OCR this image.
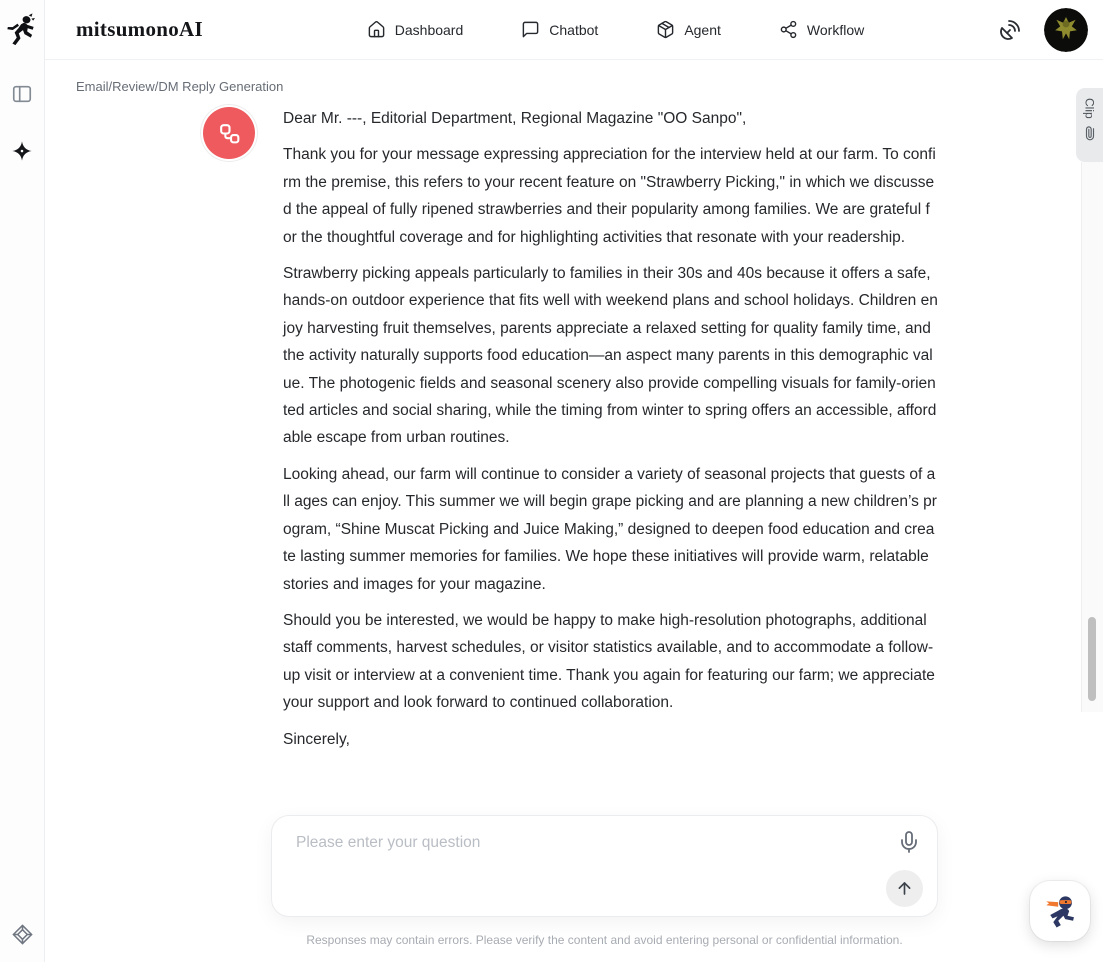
mitsumonoAI	Dashboard	Chatbot	Agent	Workflow
Email/Review/DM Reply Generation

Dear Mr. ---, Editorial Department, Regional Magazine "OO Sanpo",

Thank you for your message expressing appreciation for the interview held at our farm. To confirm the premise, this refers to your recent feature on "Strawberry Picking," in which we discussed the appeal of fully ripened strawberries and their popularity among families. We are grateful for the thoughtful coverage and for highlighting activities that resonate with your readership.

Strawberry picking appeals particularly to families in their 30s and 40s because it offers a safe, hands-on outdoor experience that fits well with weekend plans and school holidays. Children enjoy harvesting fruit themselves, parents appreciate a relaxed setting for quality family time, and the activity naturally supports food education—an aspect many parents in this demographic value. The photogenic fields and seasonal scenery also provide compelling visuals for family-oriented articles and social sharing, while the timing from winter to spring offers an accessible, affordable escape from urban routines.

Looking ahead, our farm will continue to consider a variety of seasonal projects that guests of all ages can enjoy. This summer we will begin grape picking and are planning a new children’s program, “Shine Muscat Picking and Juice Making,” designed to deepen food education and create lasting summer memories for families. We hope these initiatives will provide warm, relatable stories and images for your magazine.

Should you be interested, we would be happy to make high-resolution photographs, additional staff comments, harvest schedules, or visitor statistics available, and to accommodate a follow-up visit or interview at a convenient time. Thank you again for featuring our farm; we appreciate your support and look forward to continued collaboration.

Sincerely,

Please enter your question
Responses may contain errors. Please verify the content and avoid entering personal or confidential information.
Clip
